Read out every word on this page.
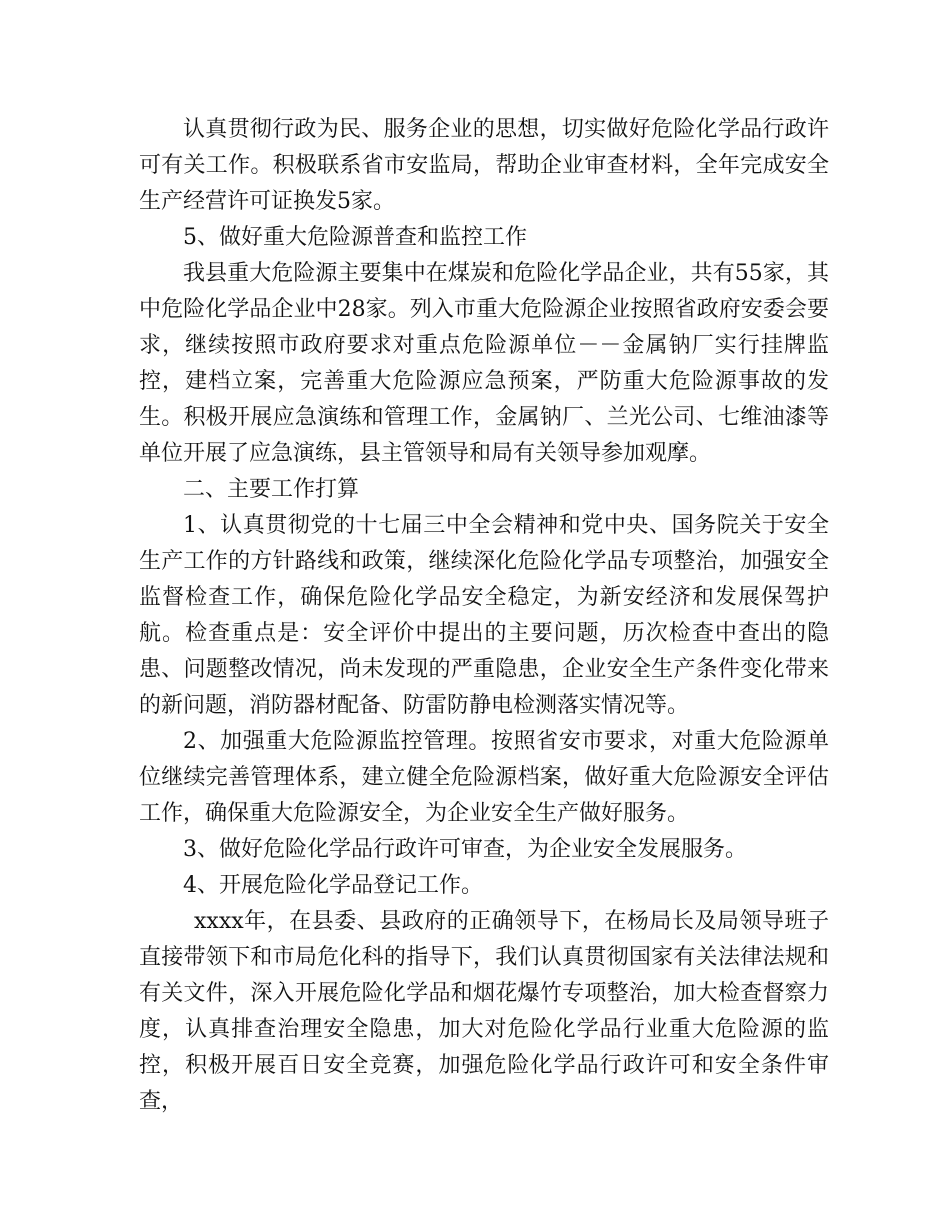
认真贯彻行政为民、服务企业的思想，切实做好危险化学品行政许可有关工作。积极联系省市安监局，帮助企业审查材料，全年完成安全生产经营许可证换发5家。

5、做好重大危险源普查和监控工作

我县重大危险源主要集中在煤炭和危险化学品企业，共有55家，其中危险化学品企业中28家。列入市重大危险源企业按照省政府安委会要求，继续按照市政府要求对重点危险源单位－－金属钠厂实行挂牌监控，建档立案，完善重大危险源应急预案，严防重大危险源事故的发生。积极开展应急演练和管理工作，金属钠厂、兰光公司、七维油漆等单位开展了应急演练，县主管领导和局有关领导参加观摩。

二、主要工作打算

1、认真贯彻党的十七届三中全会精神和党中央、国务院关于安全生产工作的方针路线和政策，继续深化危险化学品专项整治，加强安全监督检查工作，确保危险化学品安全稳定，为新安经济和发展保驾护航。检查重点是：安全评价中提出的主要问题，历次检查中查出的隐患、问题整改情况，尚未发现的严重隐患，企业安全生产条件变化带来的新问题，消防器材配备、防雷防静电检测落实情况等。

2、加强重大危险源监控管理。按照省安市要求，对重大危险源单位继续完善管理体系，建立健全危险源档案，做好重大危险源安全评估工作，确保重大危险源安全，为企业安全生产做好服务。

3、做好危险化学品行政许可审查，为企业安全发展服务。

4、开展危险化学品登记工作。

xxxx年，在县委、县政府的正确领导下，在杨局长及局领导班子直接带领下和市局危化科的指导下，我们认真贯彻国家有关法律法规和有关文件，深入开展危险化学品和烟花爆竹专项整治，加大检查督察力度，认真排查治理安全隐患，加大对危险化学品行业重大危险源的监控，积极开展百日安全竞赛，加强危险化学品行政许可和安全条件审查，
